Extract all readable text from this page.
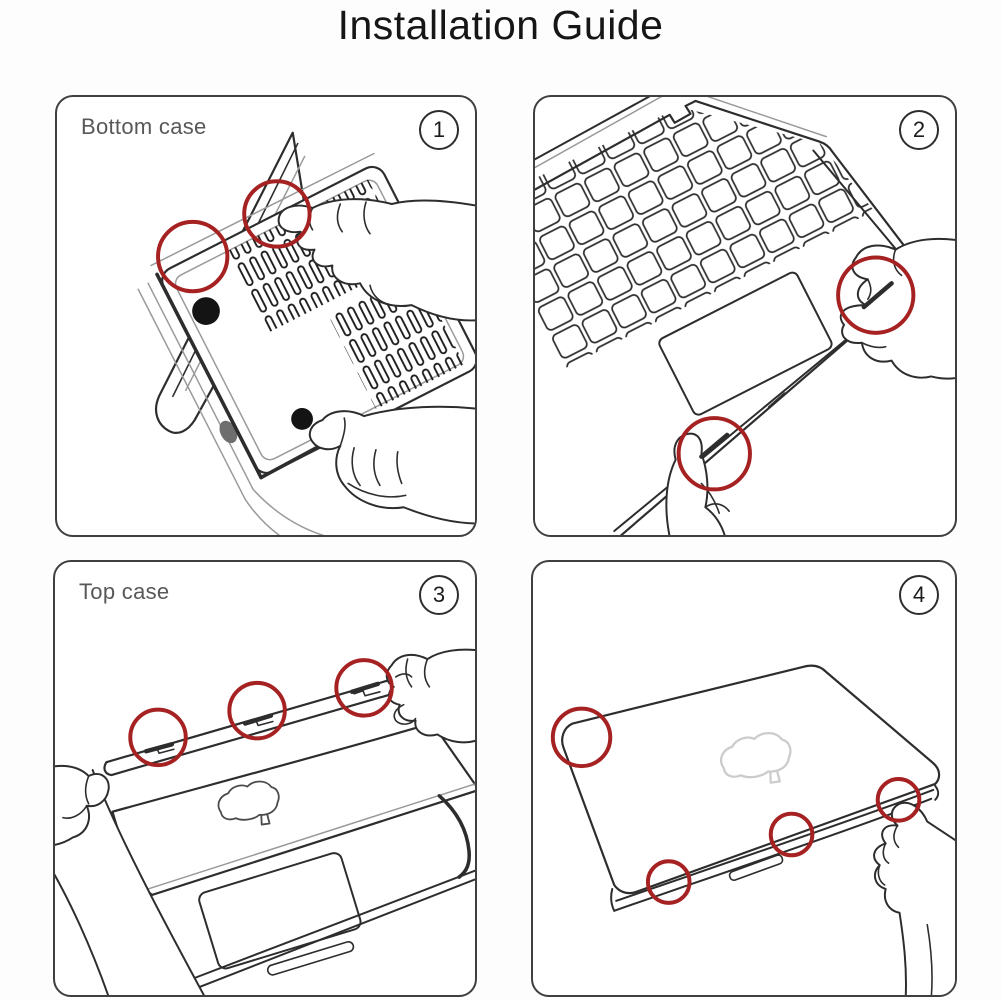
Installation Guide
Bottom case	1	2
Top case	3	4
